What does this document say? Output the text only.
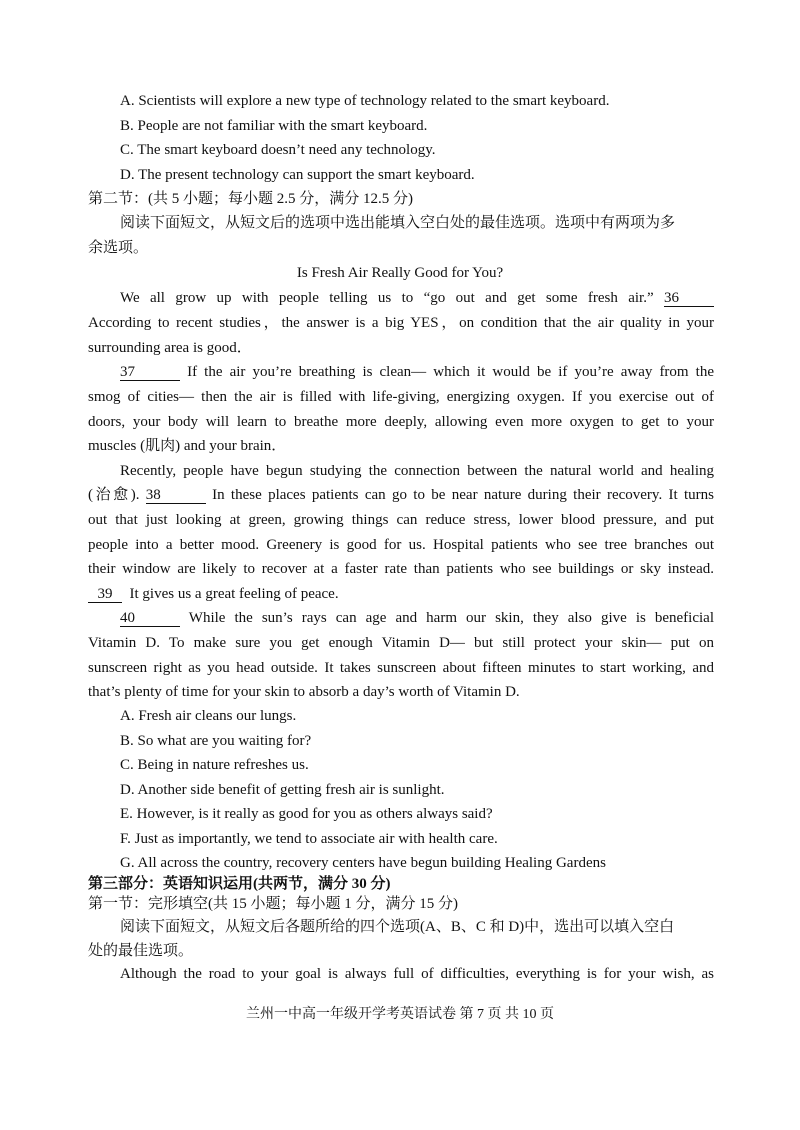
A. Scientists will explore a new type of technology related to the smart keyboard.
B. People are not familiar with the smart keyboard.
C. The smart keyboard doesn’t need any technology.
D. The present technology can support the smart keyboard.
第二节：(共 5 小题；每小题 2.5 分，满分 12.5 分)
阅读下面短文，从短文后的选项中选出能填入空白处的最佳选项。选项中有两项为多
余选项。
Is Fresh Air Really Good for You?
We all grow up with people telling us to “go out and get some fresh air.” 36
According to recent studies，the answer is a big YES，on condition that the air quality in your
surrounding area is good．
37	If the air you’re breathing is clean— which it would be if you’re away from the
smog of cities— then the air is filled with life-giving, energizing oxygen. If you exercise out of
doors, your body will learn to breathe more deeply, allowing even more oxygen to get to your
muscles (肌肉) and your brain．
Recently, people have begun studying the connection between the natural world and healing
(治愈). 38	In these places patients can go to be near nature during their recovery. It turns
out that just looking at green, growing things can reduce stress, lower blood pressure, and put
people into a better mood. Greenery is good for us. Hospital patients who see tree branches out
their window are likely to recover at a faster rate than patients who see buildings or sky instead.
39 It gives us a great feeling of peace.
40	While the sun’s rays can age and harm our skin, they also give is beneficial
Vitamin D. To make sure you get enough Vitamin D— but still protect your skin— put on
sunscreen right as you head outside. It takes sunscreen about fifteen minutes to start working, and
that’s plenty of time for your skin to absorb a day’s worth of Vitamin D.
A. Fresh air cleans our lungs.
B. So what are you waiting for?
C. Being in nature refreshes us.
D. Another side benefit of getting fresh air is sunlight.
E. However, is it really as good for you as others always said?
F. Just as importantly, we tend to associate air with health care.
G. All across the country, recovery centers have begun building Healing Gardens
第三部分：英语知识运用(共两节，满分 30 分)
第一节：完形填空(共 15 小题；每小题 1 分，满分 15 分)
阅读下面短文，从短文后各题所给的四个选项(A、B、C 和 D)中，选出可以填入空白
处的最佳选项。
Although the road to your goal is always full of difficulties, everything is for your wish, as
兰州一中高一年级开学考英语试卷 第 7 页 共 10 页
